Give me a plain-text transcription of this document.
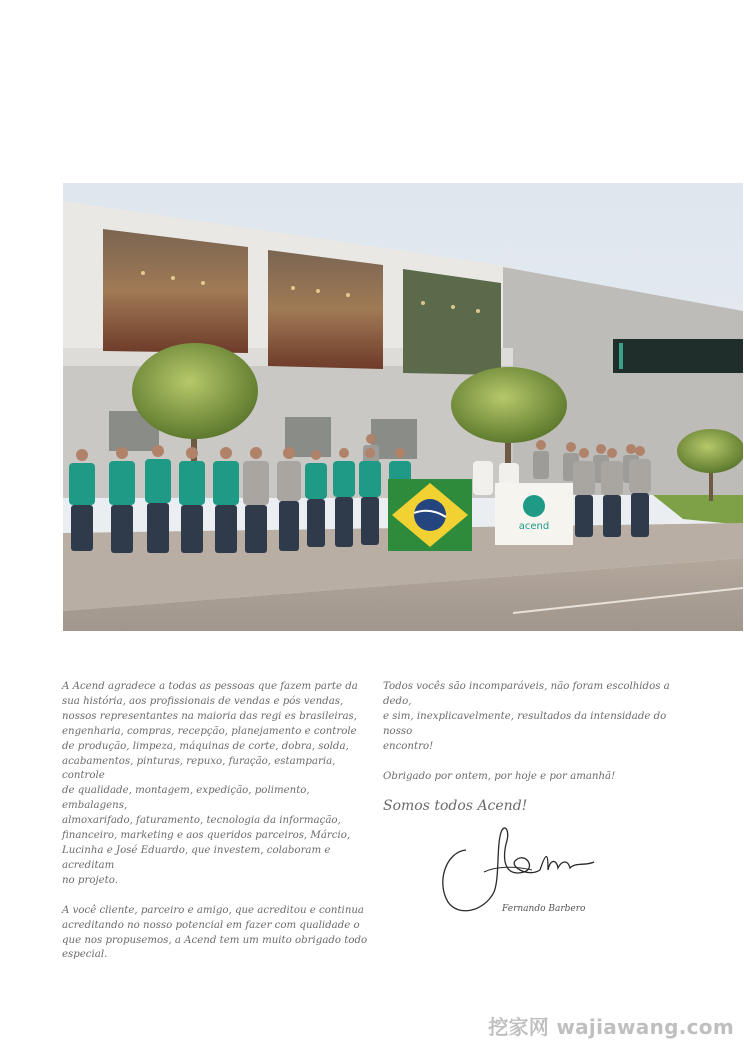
acend

A Acend agradece a todas as pessoas que fazem parte da
sua história, aos profissionais de vendas e pós vendas,
nossos representantes na maioria das regi es brasileiras,
engenharia, compras, recepção, planejamento e controle
de produção, limpeza, máquinas de corte, dobra, solda,
acabamentos, pinturas, repuxo, furação, estamparia, controle
de qualidade, montagem, expedição, polimento, embalagens,
almoxarifado, faturamento, tecnologia da informação,
financeiro, marketing e aos queridos parceiros, Márcio,
Lucinha e José Eduardo, que investem, colaboram e acreditam
no projeto.

A você cliente, parceiro e amigo, que acreditou e continua
acreditando no nosso potencial em fazer com qualidade o
que nos propusemos, a Acend tem um muito obrigado todo
especial.

Todos vocês são incomparáveis, não foram escolhidos a dedo,
e sim, inexplicavelmente, resultados da intensidade do nosso
encontro!

Obrigado por ontem, por hoje e por amanhã!

Somos todos Acend!

Fernando Barbero
挖家网 wajiawang.com
